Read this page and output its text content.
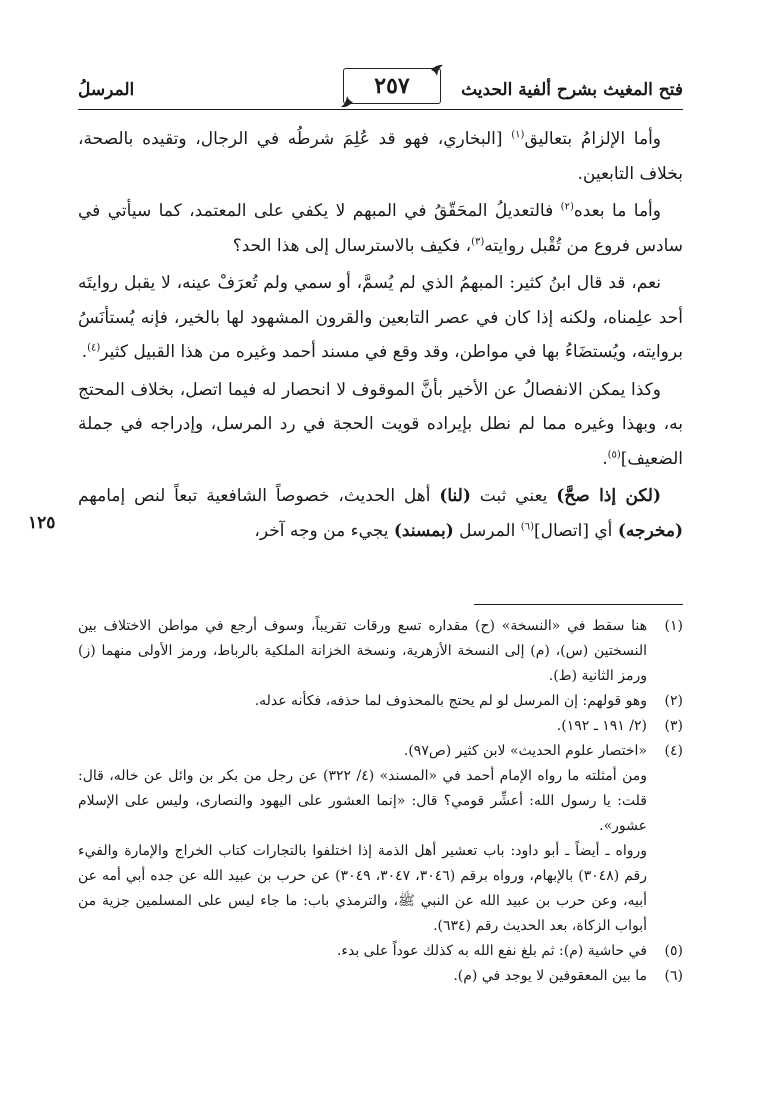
فتح المغيث بشرح ألفية الحديث
٢٥٧
المرسلُ

وأما الإلزامُ بتعاليق$^{(١)}$ [البخاري، فهو قد عُلِمَ شرطُه في الرجال، وتقيده بالصحة، بخلاف التابعين.

وأما ما بعده$^{(٢)}$ فالتعديلُ المحَقّقُ في المبهم لا يكفي على المعتمد، كما سيأتي في سادس فروع من تُقْبل روايته$^{(٣)}$، فكيف بالاسترسال إلى هذا الحد؟

نعم، قد قال ابنُ كثير: المبهمُ الذي لم يُسمَّ، أو سمي ولم تُعرَفْ عينه، لا يقبل روايتَه أحد علِمناه، ولكنه إذا كان في عصر التابعين والقرون المشهود لها بالخير، فإنه يُستأنَسُ بروايته، ويُستضَاءُ بها في مواطن، وقد وقع في مسند أحمد وغيره من هذا القبيل كثير$^{(٤)}$.

وكذا يمكن الانفصالُ عن الأخير بأنَّ الموقوف لا انحصار له فيما اتصل، بخلاف المحتج به، وبهذا وغيره مما لم نطل بإيراده قويت الحجة في رد المرسل، وإدراجه في جملة الضعيف]$^{(٥)}$.

(لكن إذا صحَّ) يعني ثبت (لنا) أهل الحديث، خصوصاً الشافعية تبعاً لنص إمامهم (مخرجه) أي [اتصال]$^{(٦)}$ المرسل (بمسند) يجيء من وجه آخر،

١٢٥
(١)
هنا سقط في «النسخة» (ح) مقداره تسع ورقات تقريباً، وسوف أرجع في مواطن الاختلاف بين النسختين (س)، (م) إلى النسخة الأزهرية، ونسخة الخزانة الملكية بالرباط، ورمز الأولى منهما (ز) ورمز الثانية (ط).
(٢)
وهو قولهم: إن المرسل لو لم يحتج بالمحذوف لما حذفه، فكأنه عدله.
(٣)
(٢/ ١٩١ ـ ١٩٢).
(٤)
«اختصار علوم الحديث» لابن كثير (ص٩٧).
ومن أمثلته ما رواه الإمام أحمد في «المسند» (٤/ ٣٢٢) عن رجل من بكر بن وائل عن خاله، قال: قلت: يا رسول الله: أعشِّر قومي؟ قال: «إنما العشور على اليهود والنصارى، وليس على الإسلام عشور».
ورواه ـ أيضاً ـ أبو داود: باب تعشير أهل الذمة إذا اختلفوا بالتجارات كتاب الخراج والإمارة والفيء رقم (٣٠٤٨) بالإبهام، ورواه برقم (٣٠٤٦، ٣٠٤٧، ٣٠٤٩) عن حرب بن عبيد الله عن جده أبي أمه عن أبيه، وعن حرب بن عبيد الله عن النبي ﷺ، والترمذي باب: ما جاء ليس على المسلمين جزية من أبواب الزكاة، بعد الحديث رقم (٦٣٤).
(٥)
في حاشية (م): ثم بلغ نفع الله به كذلك عوداً على بدء.
(٦)
ما بين المعقوفين لا يوجد في (م).
